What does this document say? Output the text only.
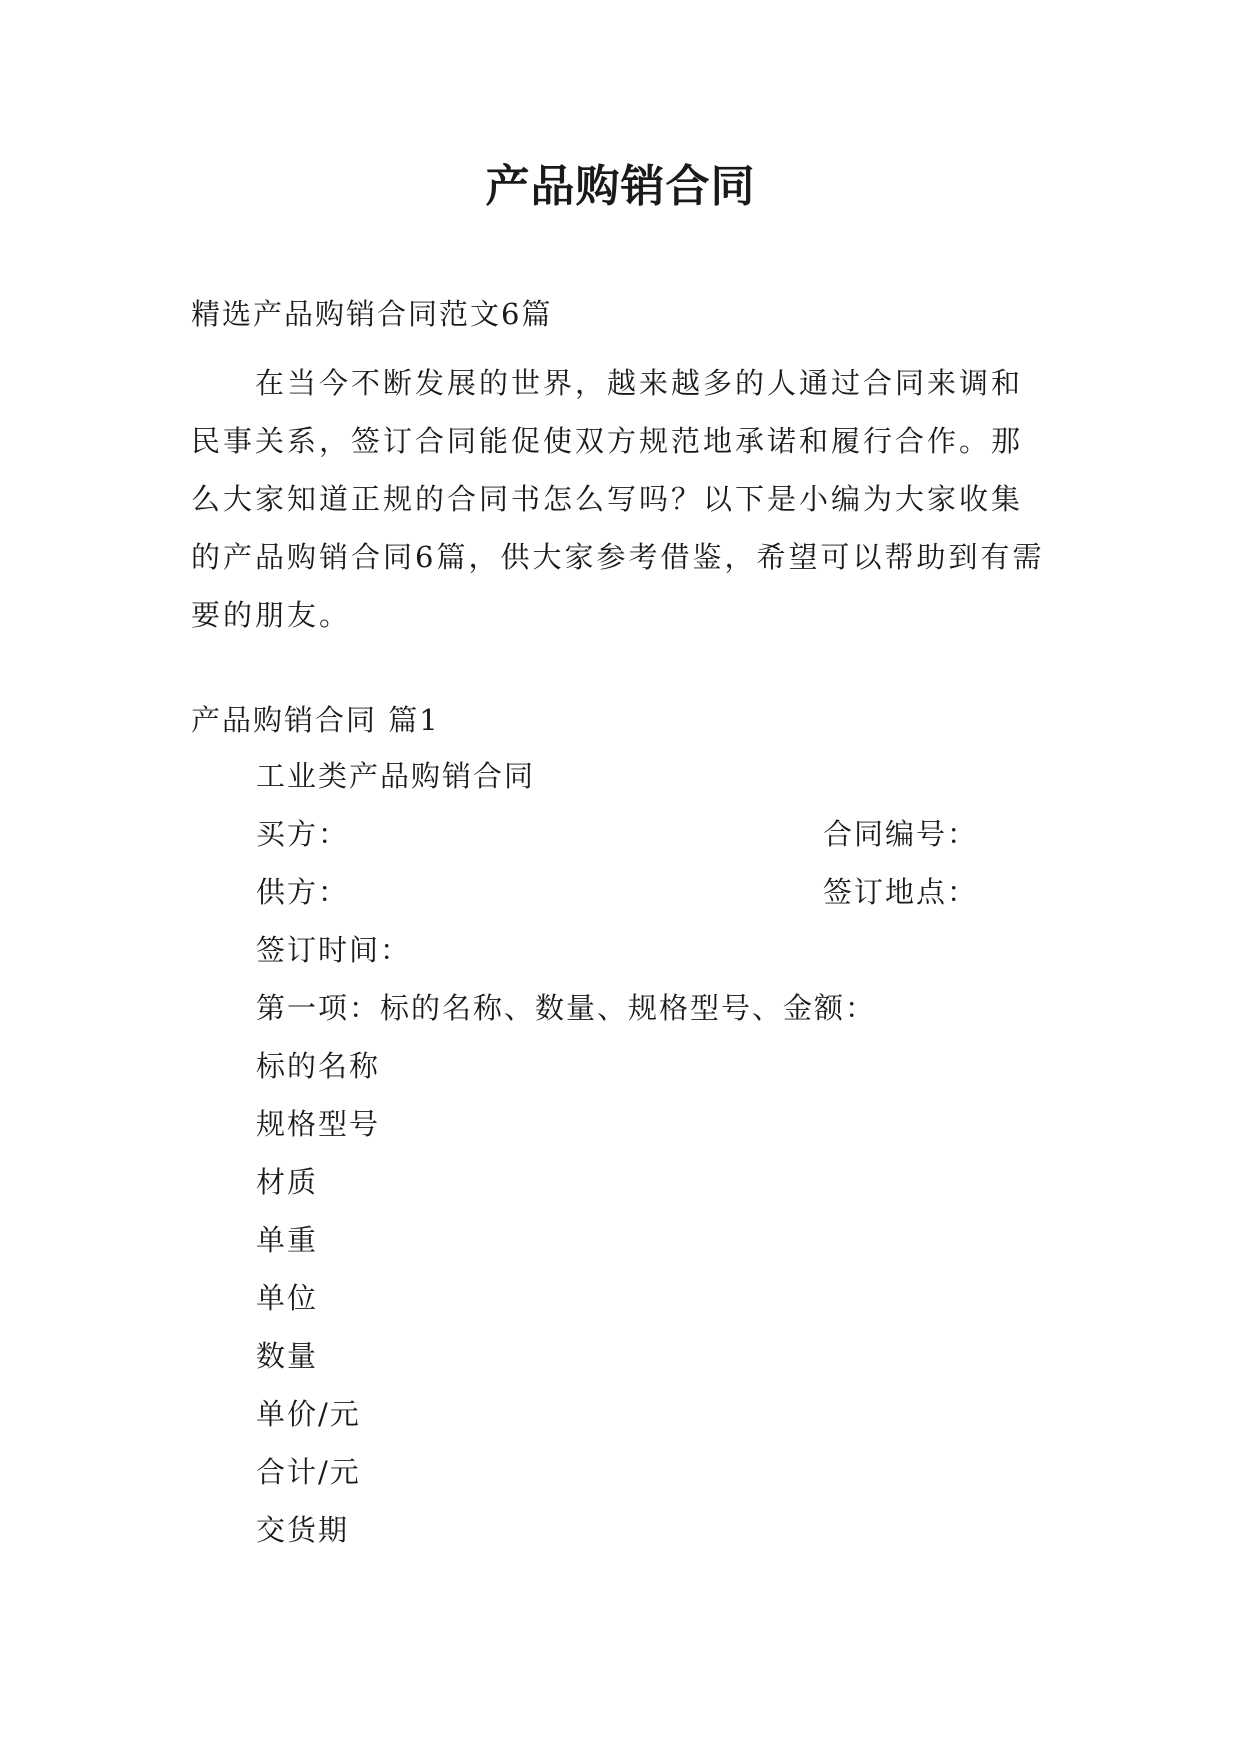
产品购销合同
精选产品购销合同范文6篇

在当今不断发展的世界，越来越多的人通过合同来调和民事关系，签订合同能促使双方规范地承诺和履行合作。那么大家知道正规的合同书怎么写吗？以下是小编为大家收集的产品购销合同6篇，供大家参考借鉴，希望可以帮助到有需要的朋友。

产品购销合同 篇1
工业类产品购销合同
买方：	合同编号：
供方：	签订地点：
签订时间：
第一项：标的名称、数量、规格型号、金额：
标的名称
规格型号
材质
单重
单位
数量
单价/元
合计/元
交货期
